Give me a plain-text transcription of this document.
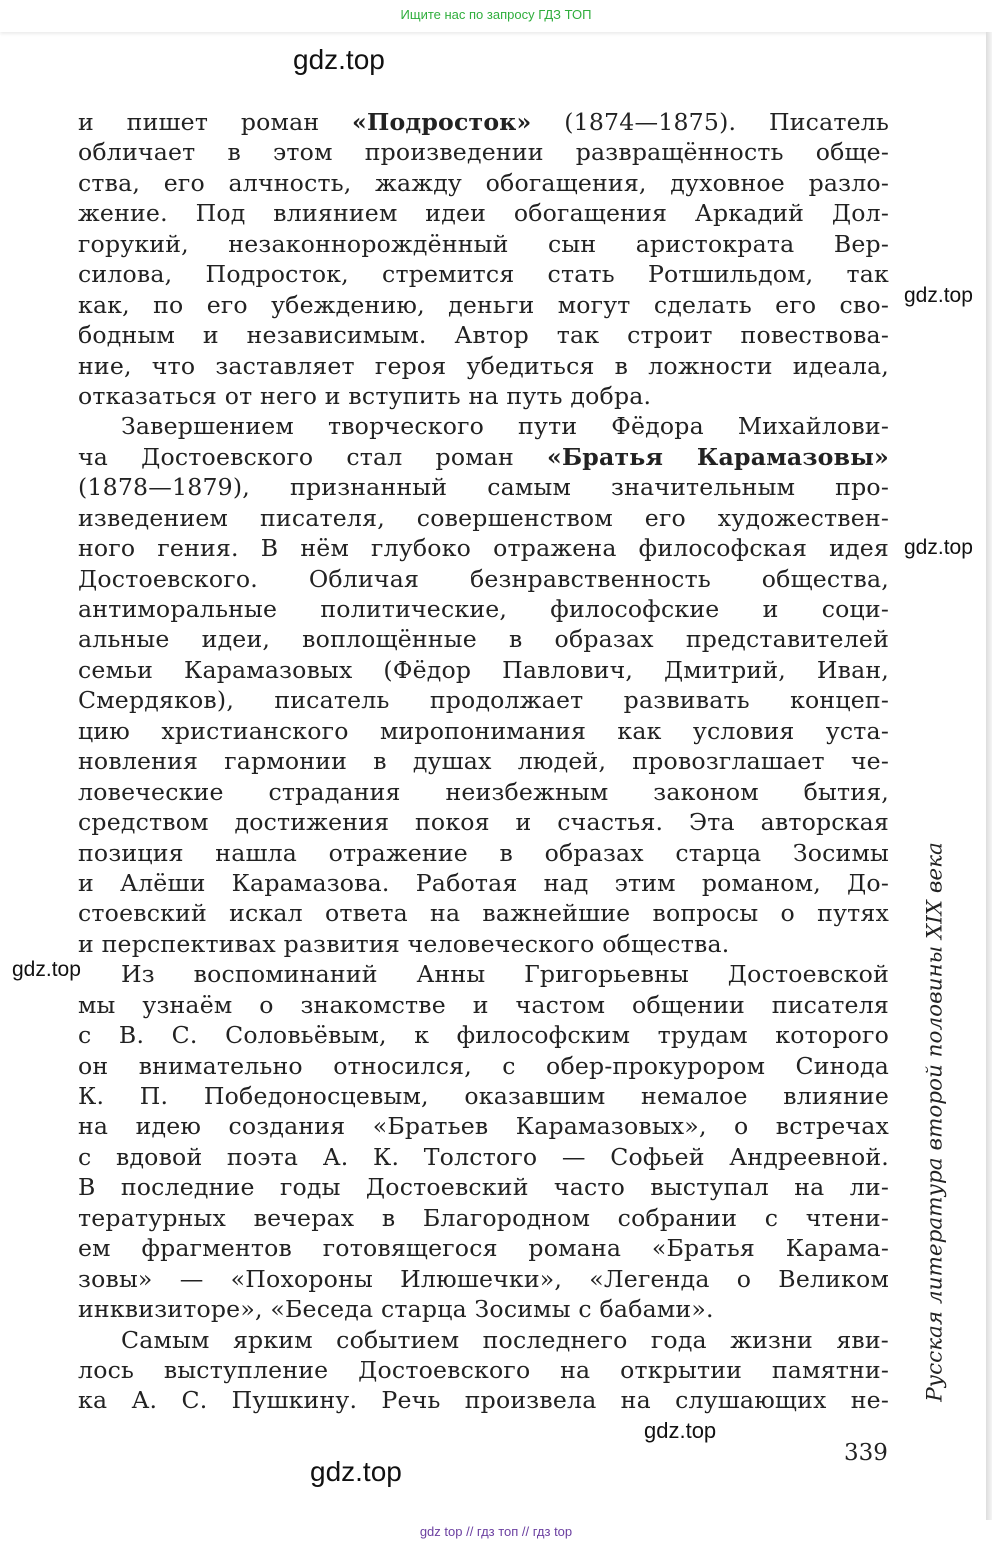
Ищите нас по запросу ГДЗ ТОП
gdz.top
gdz.top
gdz.top
gdz.top
gdz.top
gdz.top
и пишет роман «Подросток» (1874—1875). Писатель
обличает в этом произведении развращённость обще-
ства, его алчность, жажду обогащения, духовное разло-
жение. Под влиянием идеи обогащения Аркадий Дол-
горукий, незаконнорождённый сын аристократа Вер-
силова, Подросток, стремится стать Ротшильдом, так
как, по его убеждению, деньги могут сделать его сво-
бодным и независимым. Автор так строит повествова-
ние, что заставляет героя убедиться в ложности идеала,
отказаться от него и вступить на путь добра.
Завершением творческого пути Фёдора Михайлови-
ча Достоевского стал роман «Братья Карамазовы»
(1878—1879), признанный самым значительным про-
изведением писателя, совершенством его художествен-
ного гения. В нём глубоко отражена философская идея
Достоевского. Обличая безнравственность общества,
антиморальные политические, философские и соци-
альные идеи, воплощённые в образах представителей
семьи Карамазовых (Фёдор Павлович, Дмитрий, Иван,
Смердяков), писатель продолжает развивать концеп-
цию христианского миропонимания как условия уста-
новления гармонии в душах людей, провозглашает че-
ловеческие страдания неизбежным законом бытия,
средством достижения покоя и счастья. Эта авторская
позиция нашла отражение в образах старца Зосимы
и Алёши Карамазова. Работая над этим романом, До-
стоевский искал ответа на важнейшие вопросы о путях
и перспективах развития человеческого общества.
Из воспоминаний Анны Григорьевны Достоевской
мы узнаём о знакомстве и частом общении писателя
с В. С. Соловьёвым, к философским трудам которого
он внимательно относился, с обер-прокурором Синода
К. П. Победоносцевым, оказавшим немалое влияние
на идею создания «Братьев Карамазовых», о встречах
с вдовой поэта А. К. Толстого — Софьей Андреевной.
В последние годы Достоевский часто выступал на ли-
тературных вечерах в Благородном собрании с чтени-
ем фрагментов готовящегося романа «Братья Карама-
зовы» — «Похороны Илюшечки», «Легенда о Великом
инквизиторе», «Беседа старца Зосимы с бабами».
Самым ярким событием последнего года жизни яви-
лось выступление Достоевского на открытии памятни-
ка А. С. Пушкину. Речь произвела на слушающих не- Русская литература второй половины XIX века
339
gdz top // гдз топ // гдз top
